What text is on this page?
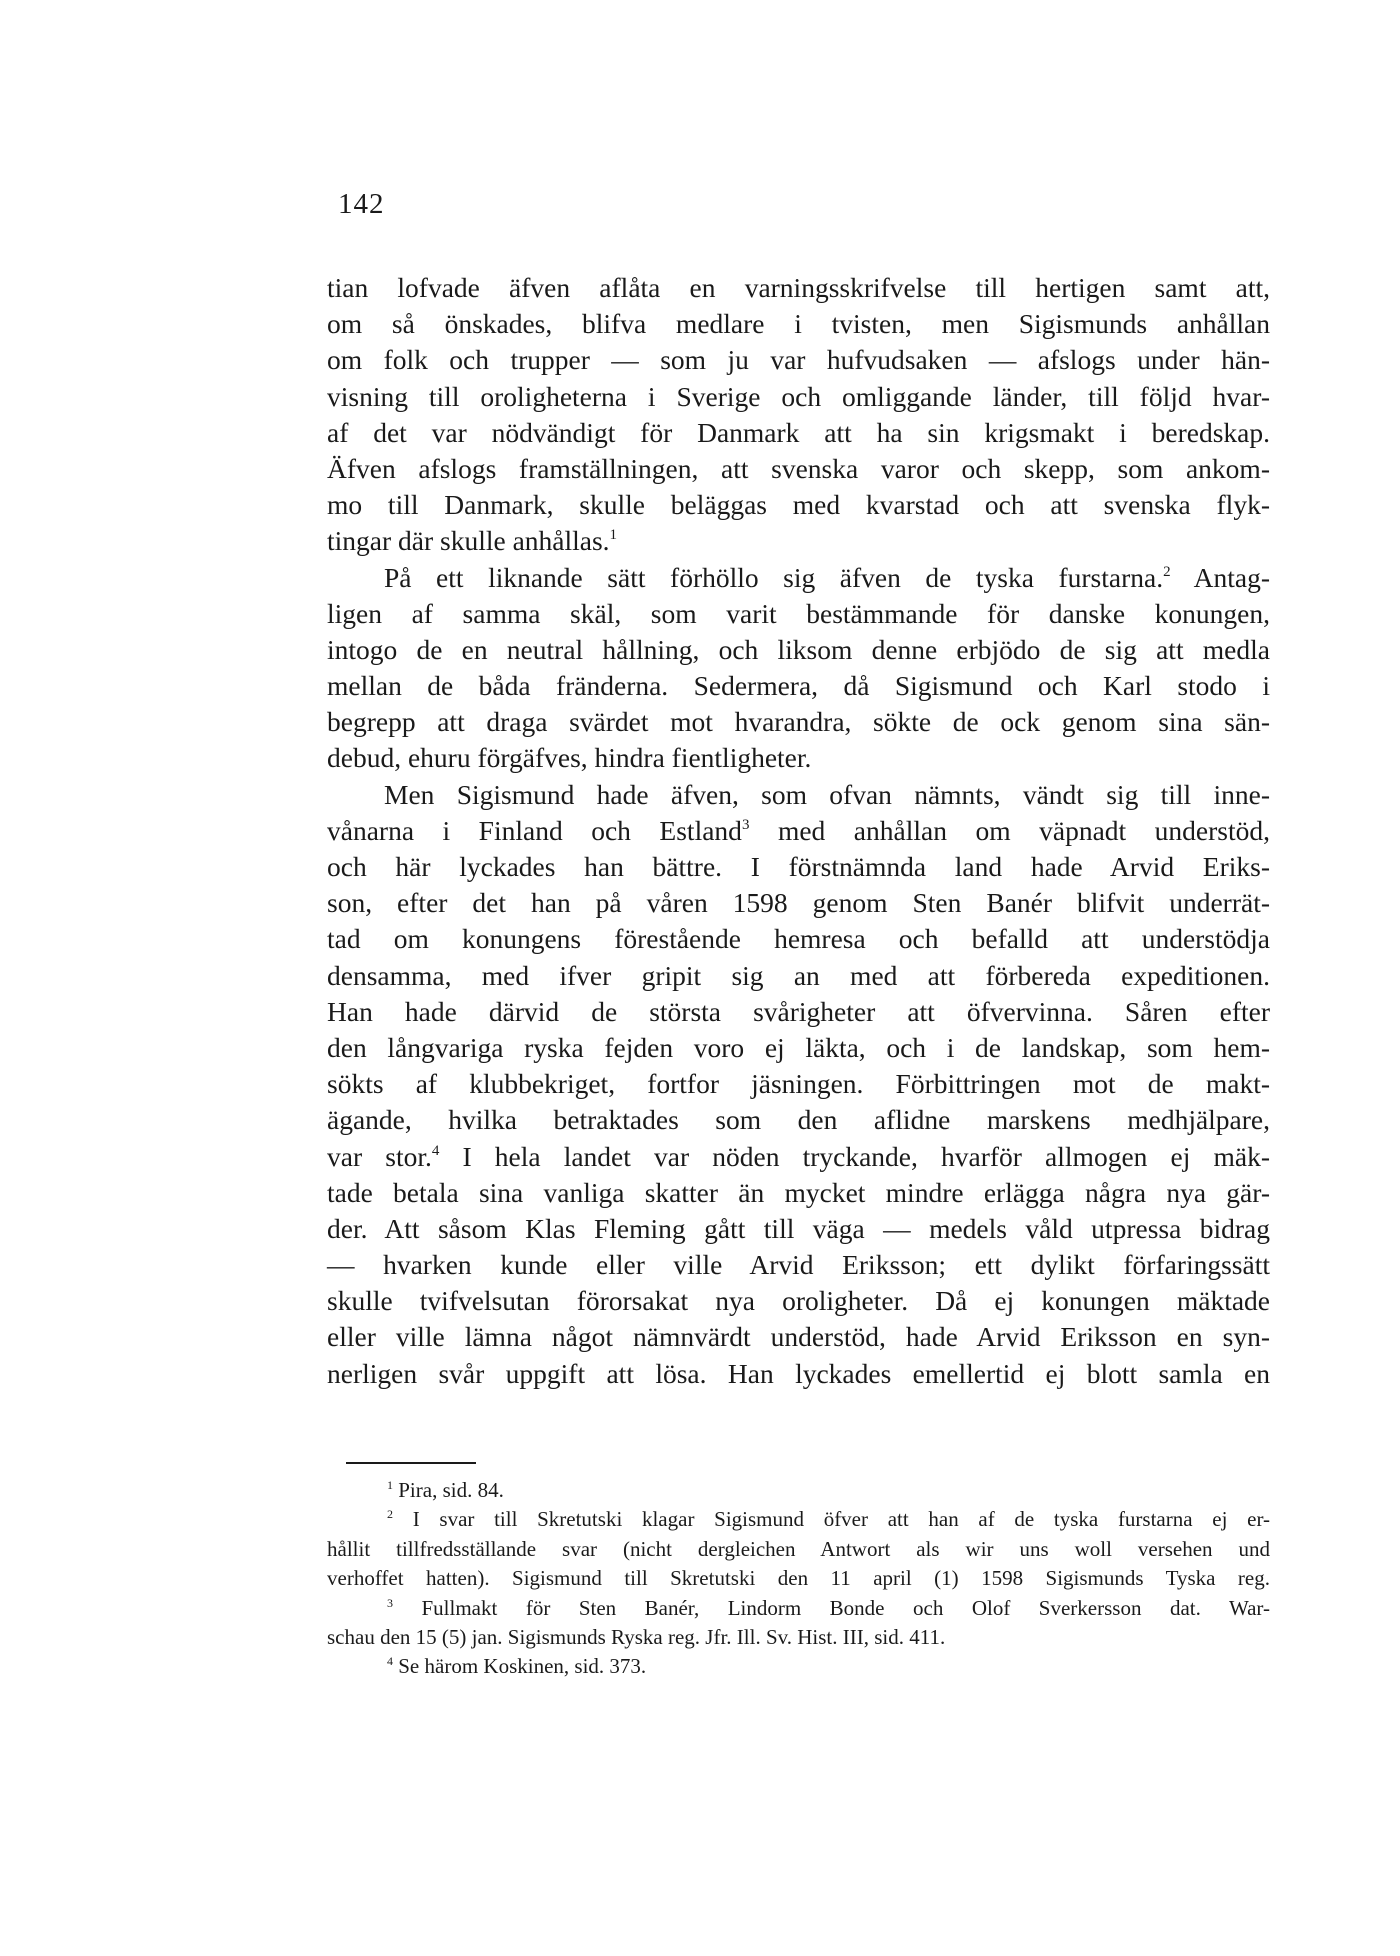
142

tian lofvade äfven aflåta en varningsskrifvelse till hertigen samt att,
om så önskades, blifva medlare i tvisten, men Sigismunds anhållan
om folk och trupper — som ju var hufvudsaken — afslogs under hän-
visning till oroligheterna i Sverige och omliggande länder, till följd hvar-
af det var nödvändigt för Danmark att ha sin krigsmakt i beredskap.
Äfven afslogs framställningen, att svenska varor och skepp, som ankom-
mo till Danmark, skulle beläggas med kvarstad och att svenska flyk-
tingar där skulle anhållas.$^1$
På ett liknande sätt förhöllo sig äfven de tyska furstarna.$^2$ Antag-
ligen af samma skäl, som varit bestämmande för danske konungen,
intogo de en neutral hållning, och liksom denne erbjödo de sig att medla
mellan de båda fränderna. Sedermera, då Sigismund och Karl stodo i
begrepp att draga svärdet mot hvarandra, sökte de ock genom sina sän-
debud, ehuru förgäfves, hindra fientligheter.
Men Sigismund hade äfven, som ofvan nämnts, vändt sig till inne-
vånarna i Finland och Estland$^3$ med anhållan om väpnadt understöd,
och här lyckades han bättre. I förstnämnda land hade Arvid Eriks-
son, efter det han på våren 1598 genom Sten Banér blifvit underrät-
tad om konungens förestående hemresa och befalld att understödja
densamma, med ifver gripit sig an med att förbereda expeditionen.
Han hade därvid de största svårigheter att öfvervinna. Såren efter
den långvariga ryska fejden voro ej läkta, och i de landskap, som hem-
sökts af klubbekriget, fortfor jäsningen. Förbittringen mot de makt-
ägande, hvilka betraktades som den aflidne marskens medhjälpare,
var stor.$^4$ I hela landet var nöden tryckande, hvarför allmogen ej mäk-
tade betala sina vanliga skatter än mycket mindre erlägga några nya gär-
der. Att såsom Klas Fleming gått till väga — medels våld utpressa bidrag
— hvarken kunde eller ville Arvid Eriksson; ett dylikt förfaringssätt
skulle tvifvelsutan förorsakat nya oroligheter. Då ej konungen mäktade
eller ville lämna något nämnvärdt understöd, hade Arvid Eriksson en syn-
nerligen svår uppgift att lösa. Han lyckades emellertid ej blott samla en
$^1$ Pira, sid. 84.
$^2$ I svar till Skretutski klagar Sigismund öfver att han af de tyska furstarna ej er-
hållit tillfredsställande svar (nicht dergleichen Antwort als wir uns woll versehen und
verhoffet hatten). Sigismund till Skretutski den 11 april (1) 1598 Sigismunds Tyska reg.
$^3$ Fullmakt för Sten Banér, Lindorm Bonde och Olof Sverkersson dat. War-
schau den 15 (5) jan. Sigismunds Ryska reg. Jfr. Ill. Sv. Hist. III, sid. 411.
$^4$ Se härom Koskinen, sid. 373.
